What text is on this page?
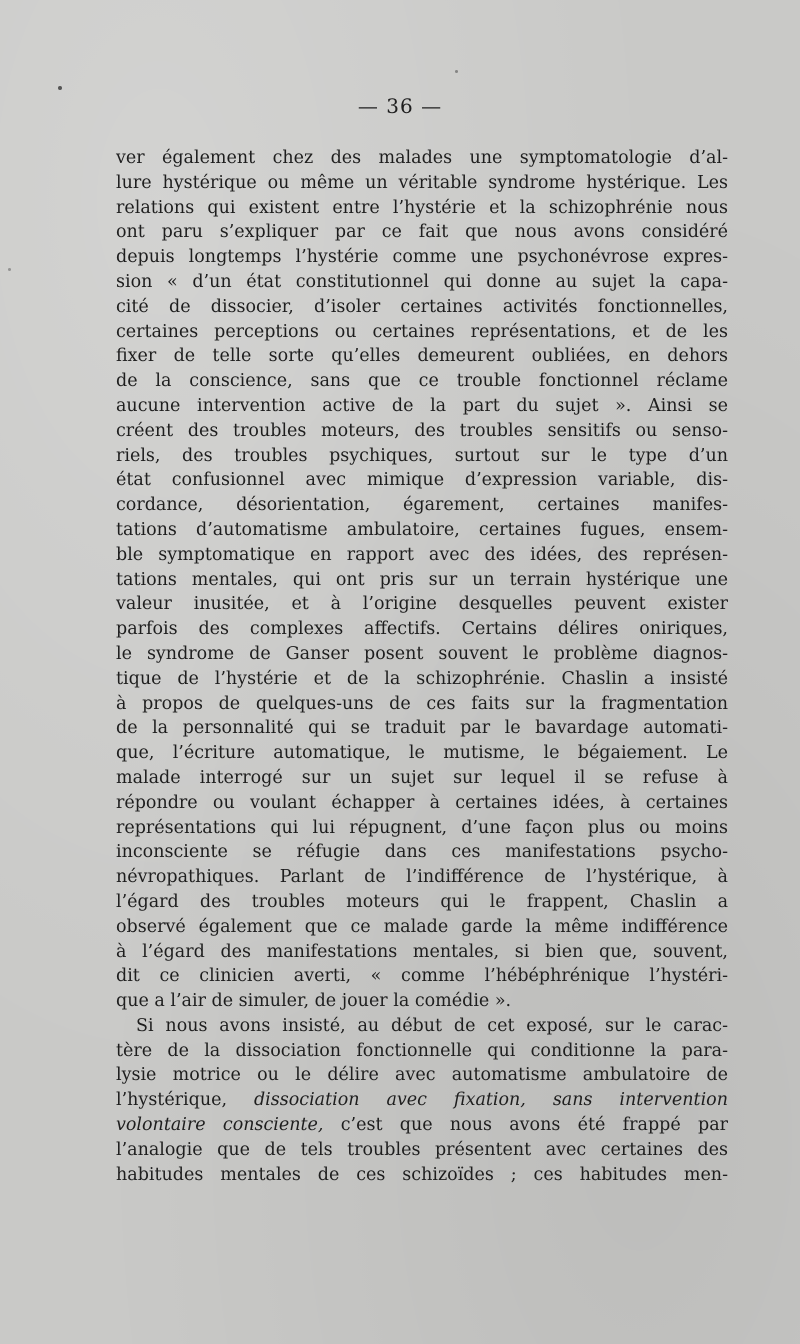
— 36 —
ver également chez des malades une symptomatologie d’al-
lure hystérique ou même un véritable syndrome hystérique. Les
relations qui existent entre l’hystérie et la schizophrénie nous
ont paru s’expliquer par ce fait que nous avons considéré
depuis longtemps l’hystérie comme une psychonévrose expres-
sion « d’un état constitutionnel qui donne au sujet la capa-
cité de dissocier, d’isoler certaines activités fonctionnelles,
certaines perceptions ou certaines représentations, et de les
fixer de telle sorte qu’elles demeurent oubliées, en dehors
de la conscience, sans que ce trouble fonctionnel réclame
aucune intervention active de la part du sujet ». Ainsi se
créent des troubles moteurs, des troubles sensitifs ou senso-
riels, des troubles psychiques, surtout sur le type d’un
état confusionnel avec mimique d’expression variable, dis-
cordance, désorientation, égarement, certaines manifes-
tations d’automatisme ambulatoire, certaines fugues, ensem-
ble symptomatique en rapport avec des idées, des représen-
tations mentales, qui ont pris sur un terrain hystérique une
valeur inusitée, et à l’origine desquelles peuvent exister
parfois des complexes affectifs. Certains délires oniriques,
le syndrome de Ganser posent souvent le problème diagnos-
tique de l’hystérie et de la schizophrénie. Chaslin a insisté
à propos de quelques-uns de ces faits sur la fragmentation
de la personnalité qui se traduit par le bavardage automati-
que, l’écriture automatique, le mutisme, le bégaiement. Le
malade interrogé sur un sujet sur lequel il se refuse à
répondre ou voulant échapper à certaines idées, à certaines
représentations qui lui répugnent, d’une façon plus ou moins
inconsciente se réfugie dans ces manifestations psycho-
névropathiques. Parlant de l’indifférence de l’hystérique, à
l’égard des troubles moteurs qui le frappent, Chaslin a
observé également que ce malade garde la même indifférence
à l’égard des manifestations mentales, si bien que, souvent,
dit ce clinicien averti, « comme l’hébéphrénique l’hystéri-
que a l’air de simuler, de jouer la comédie ».
Si nous avons insisté, au début de cet exposé, sur le carac-
tère de la dissociation fonctionnelle qui conditionne la para-
lysie motrice ou le délire avec automatisme ambulatoire de
l’hystérique, dissociation avec fixation, sans intervention
volontaire consciente, c’est que nous avons été frappé par
l’analogie que de tels troubles présentent avec certaines des
habitudes mentales de ces schizoïdes ; ces habitudes men-
